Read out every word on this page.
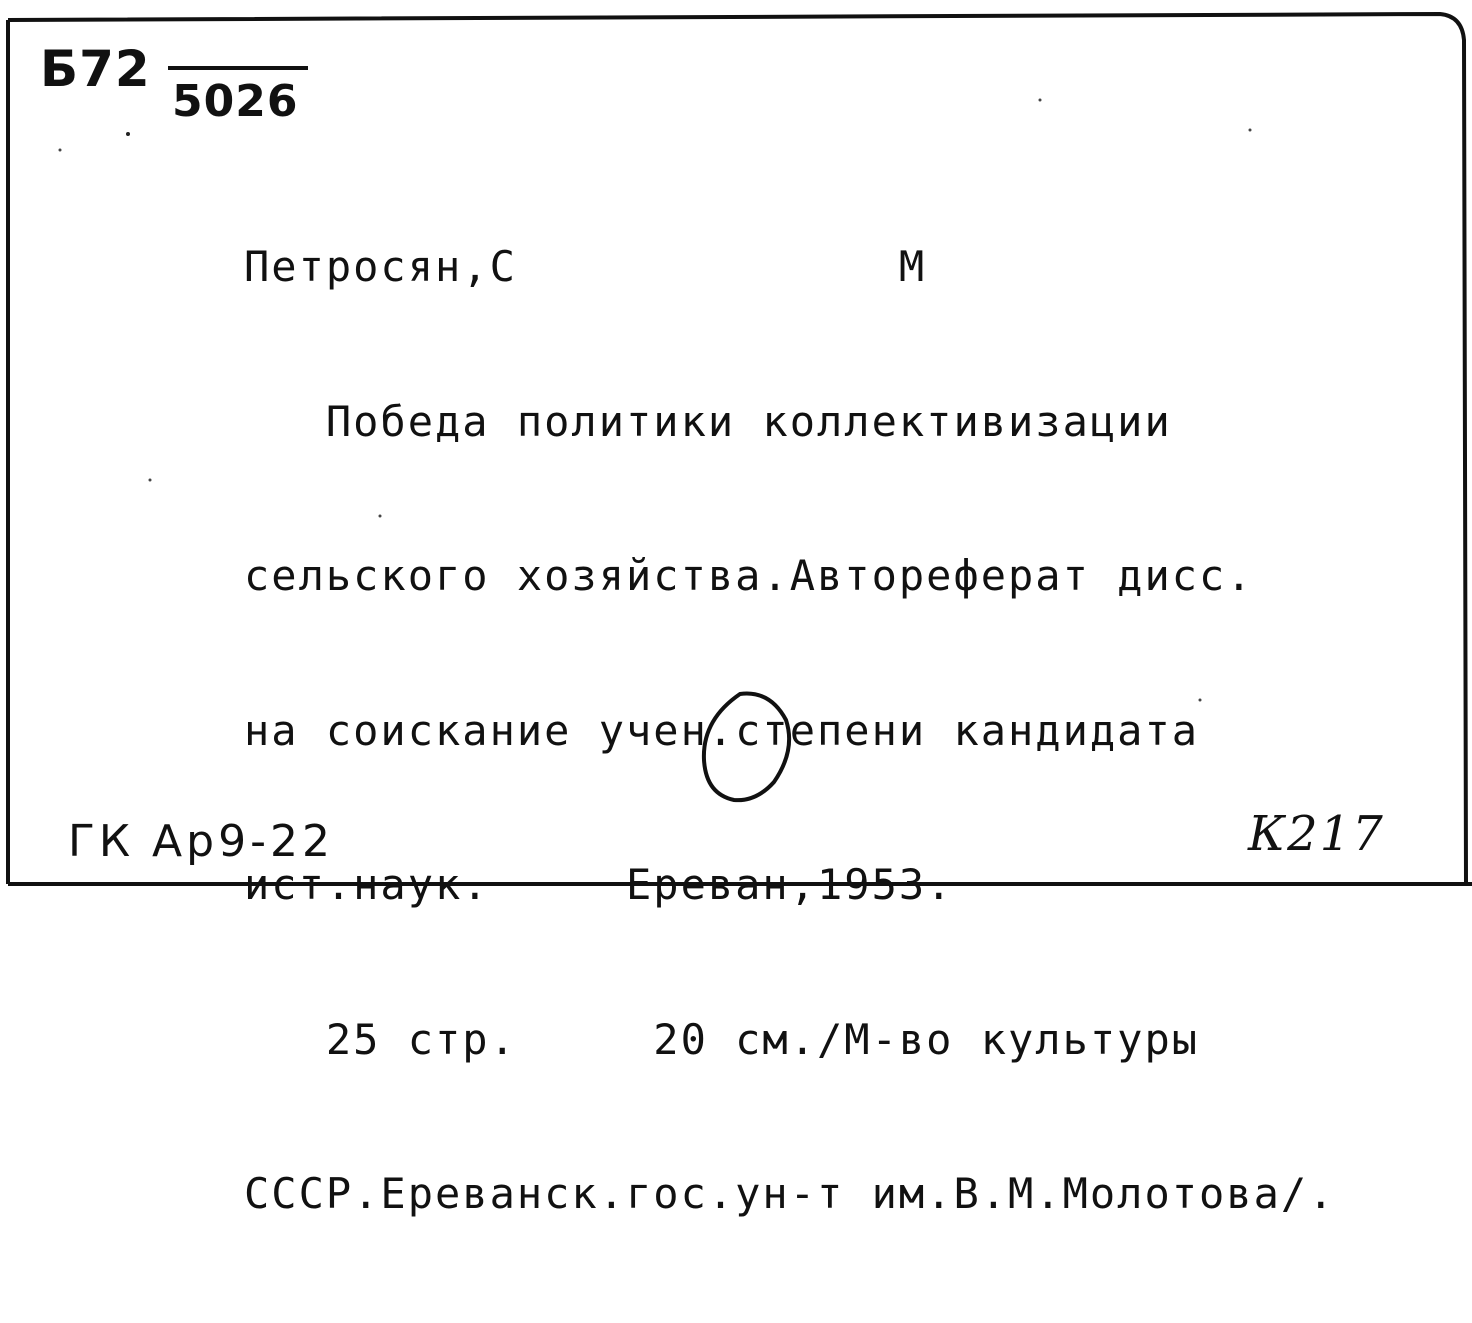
Б72
5026

Петросян,С              М

Победа политики коллективизации

сельского хозяйства.Автореферат дисс.

на соискание учен.степени кандидата

ист.наук.     Ереван,1953.

25 стр.     20 см./М-во культуры

СССР.Ереванск.гос.ун-т им.В.М.Молотова/.

ГК Ар9-22	К217
